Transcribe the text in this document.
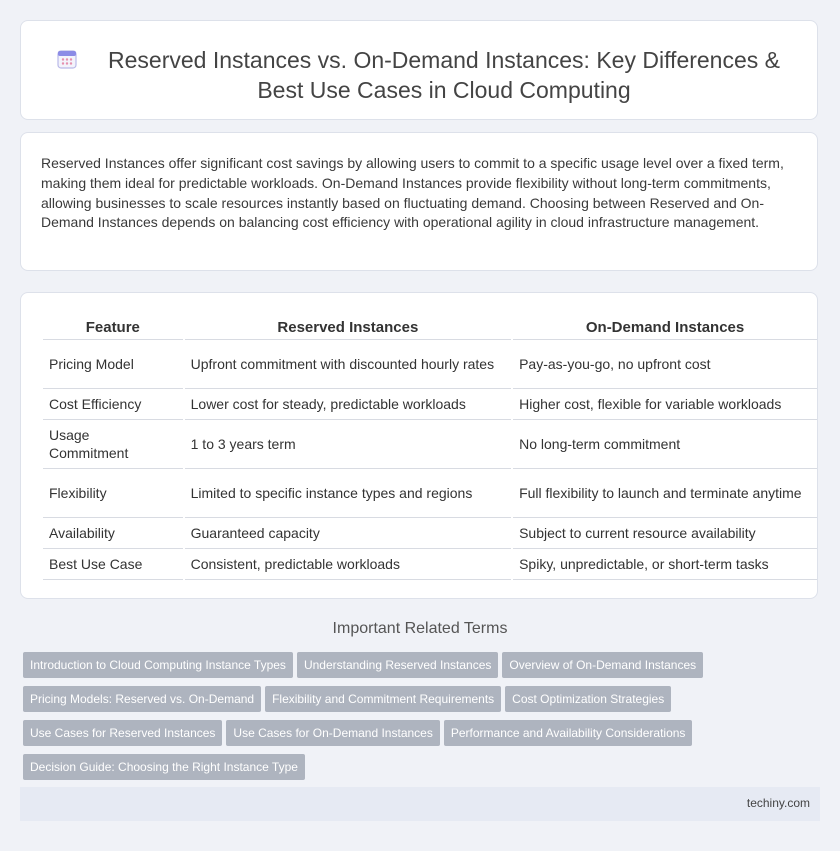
Reserved Instances vs. On-Demand Instances: Key Differences & Best Use Cases in Cloud Computing

Reserved Instances offer significant cost savings by allowing users to commit to a specific usage level over a fixed term, making them ideal for predictable workloads. On-Demand Instances provide flexibility without long-term commitments, allowing businesses to scale resources instantly based on fluctuating demand. Choosing between Reserved and On-Demand Instances depends on balancing cost efficiency with operational agility in cloud infrastructure management.

Feature	Reserved Instances	On-Demand Instances
Pricing Model	Upfront commitment with discounted hourly rates	Pay-as-you-go, no upfront cost
Cost Efficiency	Lower cost for steady, predictable workloads	Higher cost, flexible for variable workloads
Usage Commitment	1 to 3 years term	No long-term commitment
Flexibility	Limited to specific instance types and regions	Full flexibility to launch and terminate anytime
Availability	Guaranteed capacity	Subject to current resource availability
Best Use Case	Consistent, predictable workloads	Spiky, unpredictable, or short-term tasks
Important Related Terms
Introduction to Cloud Computing Instance Types Understanding Reserved Instances Overview of On-Demand Instances
Pricing Models: Reserved vs. On-Demand Flexibility and Commitment Requirements Cost Optimization Strategies
Use Cases for Reserved Instances Use Cases for On-Demand Instances Performance and Availability Considerations
Decision Guide: Choosing the Right Instance Type
techiny.com
